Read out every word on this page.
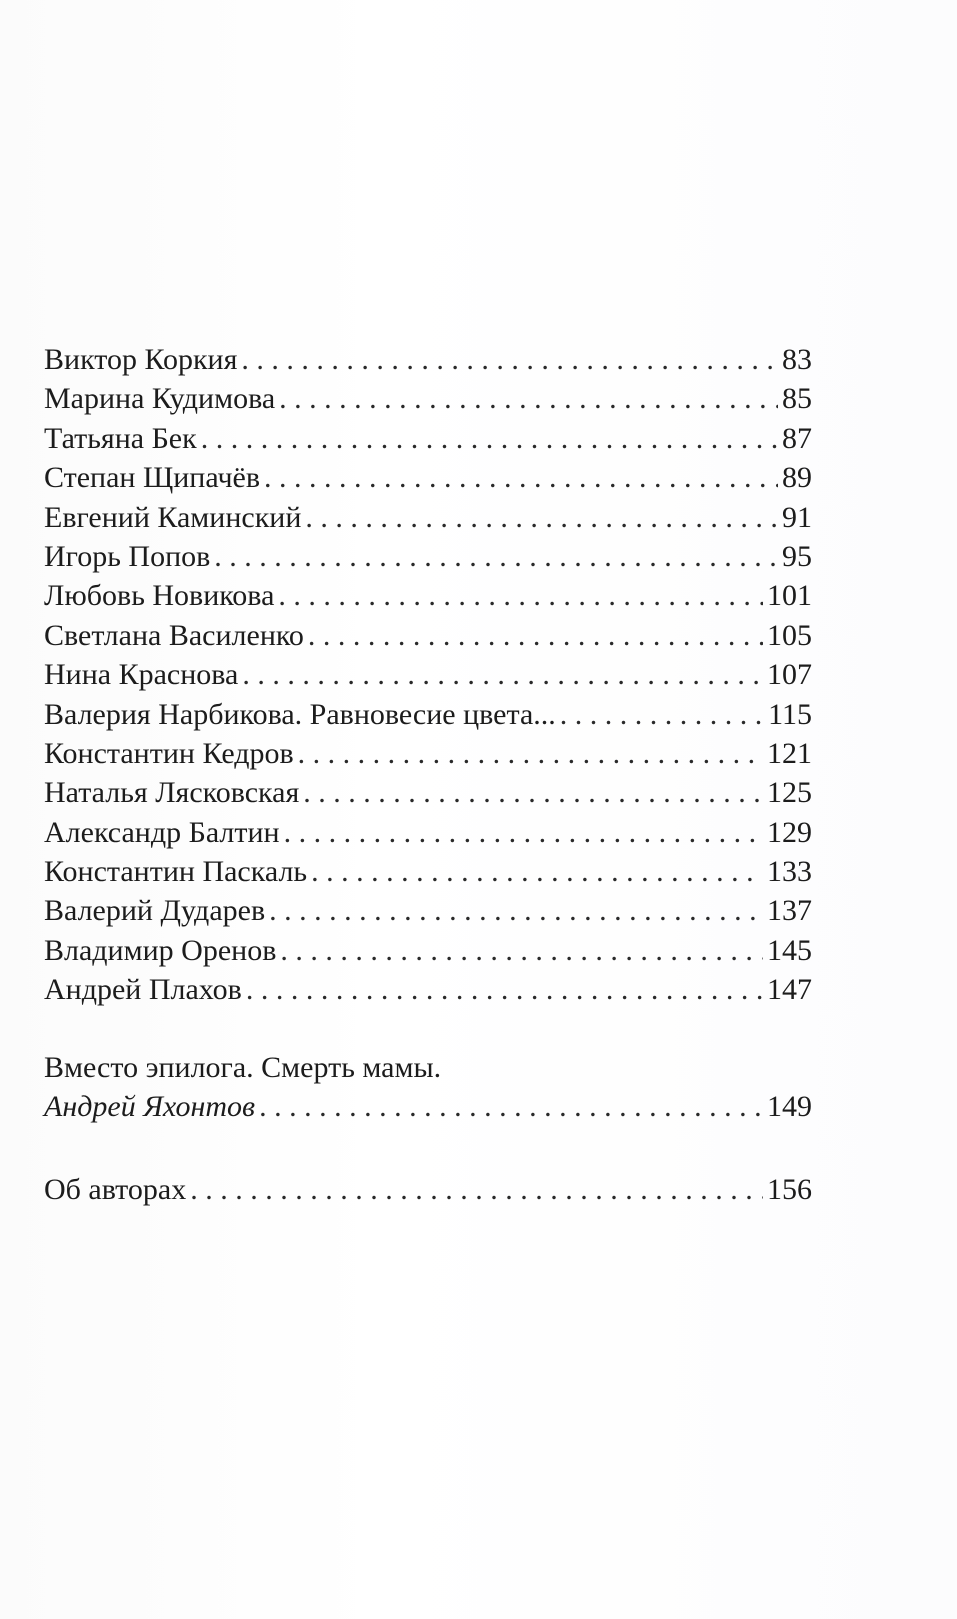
Виктор Коркия . . .	83
Марина Кудимова . . .	85
Татьяна Бек . . .	87
Степан Щипачёв . . .	89
Евгений Каминский . . .	91
Игорь Попов . . .	95
Любовь Новикова . . .	101
Светлана Василенко . . .	105
Нина Краснова . . .	107
Валерия Нарбикова. Равновесие цвета... . . .	115
Константин Кедров . . .	121
Наталья Лясковская . . .	125
Александр Балтин . . .	129
Константин Паскаль . . .	133
Валерий Дударев . . .	137
Владимир Оренов . . .	145
Андрей Плахов . . .	147
Вместо эпилога. Смерть мамы.
Андрей Яхонтов . . .	149
Об авторах . . .	156
